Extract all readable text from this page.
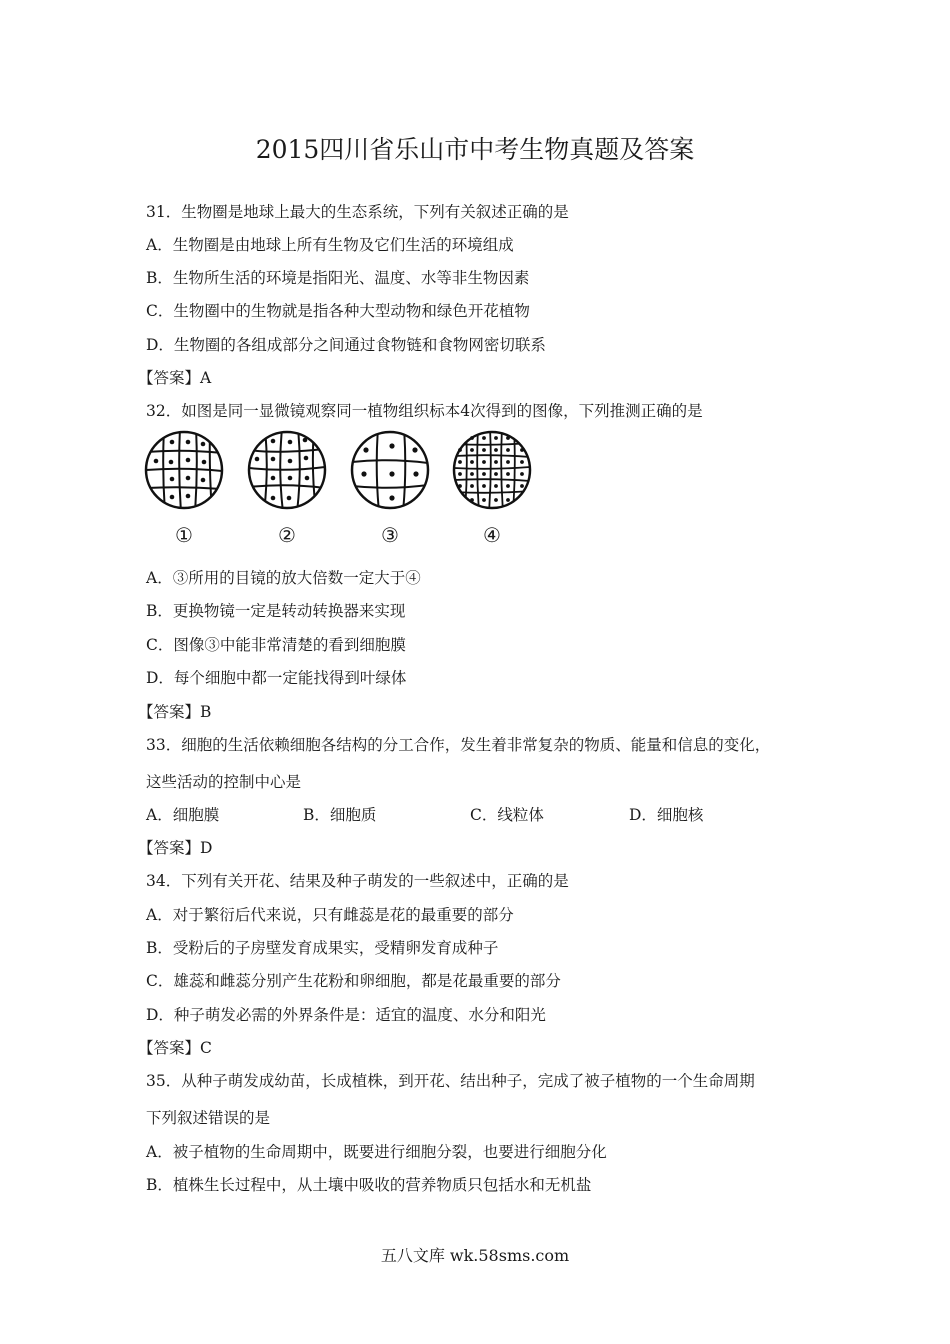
2015四川省乐山市中考生物真题及答案
31．生物圈是地球上最大的生态系统，下列有关叙述正确的是
A．生物圈是由地球上所有生物及它们生活的环境组成
B．生物所生活的环境是指阳光、温度、水等非生物因素
C．生物圈中的生物就是指各种大型动物和绿色开花植物
D．生物圈的各组成部分之间通过食物链和食物网密切联系
【答案】A
32．如图是同一显微镜观察同一植物组织标本4次得到的图像，下列推测正确的是
①	②	③	④
A．③所用的目镜的放大倍数一定大于④
B．更换物镜一定是转动转换器来实现
C．图像③中能非常清楚的看到细胞膜
D．每个细胞中都一定能找得到叶绿体
【答案】B
33．细胞的生活依赖细胞各结构的分工合作，发生着非常复杂的物质、能量和信息的变化，
这些活动的控制中心是
A．细胞膜	B．细胞质	C．线粒体	D．细胞核
【答案】D
34．下列有关开花、结果及种子萌发的一些叙述中，正确的是
A．对于繁衍后代来说，只有雌蕊是花的最重要的部分
B．受粉后的子房壁发育成果实，受精卵发育成种子
C．雄蕊和雌蕊分别产生花粉和卵细胞，都是花最重要的部分
D．种子萌发必需的外界条件是：适宜的温度、水分和阳光
【答案】C
35．从种子萌发成幼苗，长成植株，到开花、结出种子，完成了被子植物的一个生命周期
下列叙述错误的是
A．被子植物的生命周期中，既要进行细胞分裂，也要进行细胞分化
B．植株生长过程中，从土壤中吸收的营养物质只包括水和无机盐
五八文库 wk.58sms.com
